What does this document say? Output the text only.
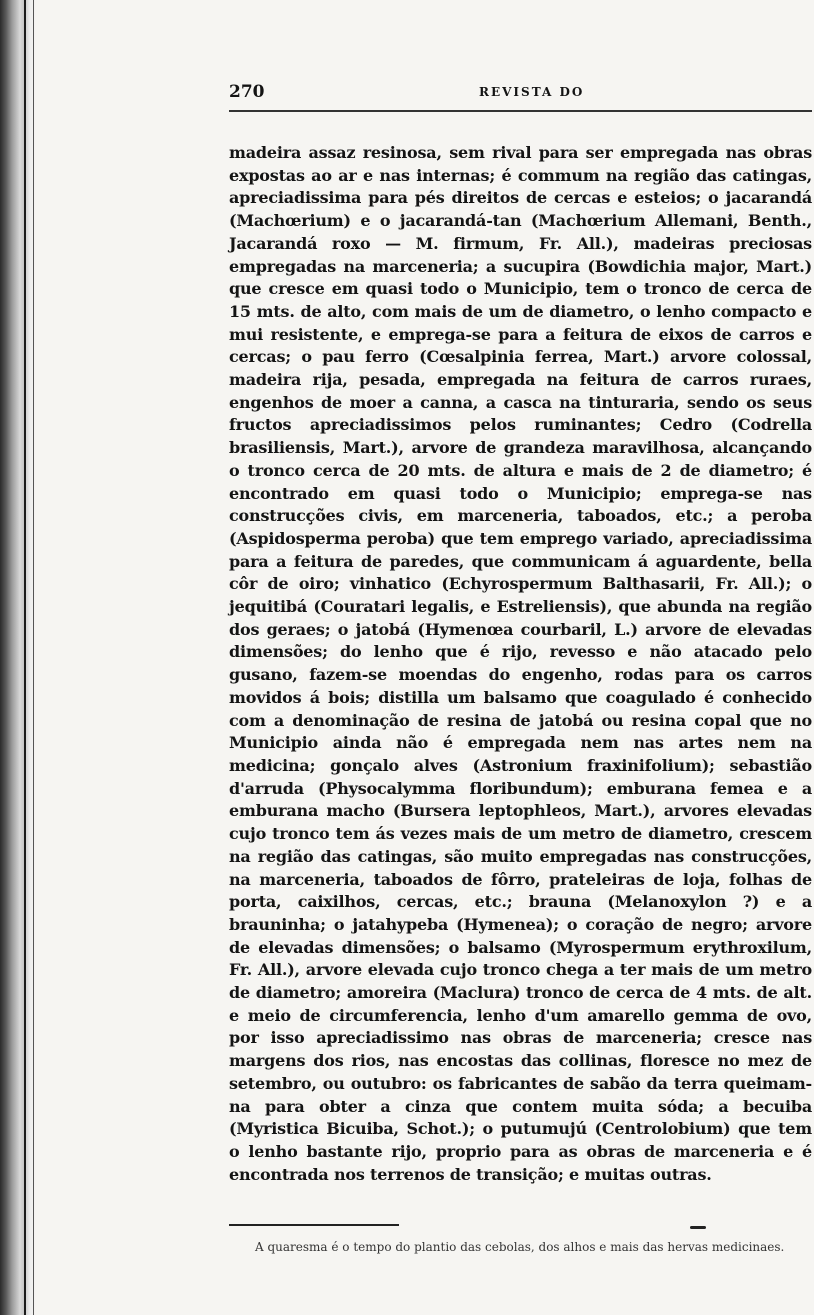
270	REVISTA DO
madeira assaz resinosa, sem rival para ser empregada nas obras expostas ao ar e nas internas; é commum na região das catingas, apreciadissima para pés direitos de cercas e esteios; o jacarandá (Machœrium) e o jacarandá-tan (Machœrium Allemani, Benth., Jacarandá roxo — M. firmum, Fr. All.), madeiras preciosas empregadas na marceneria; a sucupira (Bowdichia major, Mart.) que cresce em quasi todo o Municipio, tem o tronco de cerca de 15 mts. de alto, com mais de um de diametro, o lenho compacto e mui resistente, e emprega-se para a feitura de eixos de carros e cercas; o pau ferro (Cœsalpinia ferrea, Mart.) arvore colossal, madeira rija, pesada, empregada na feitura de carros ruraes, engenhos de moer a canna, a casca na tinturaria, sendo os seus fructos apreciadissimos pelos ruminantes; Cedro (Codrella brasiliensis, Mart.), arvore de grandeza maravilhosa, alcançando o tronco cerca de 20 mts. de altura e mais de 2 de diametro; é encontrado em quasi todo o Municipio; emprega-se nas construcções civis, em marceneria, taboados, etc.; a peroba (Aspidosperma peroba) que tem emprego variado, apreciadissima para a feitura de paredes, que communicam á aguardente, bella côr de oiro; vinhatico (Echyrospermum Balthasarii, Fr. All.); o jequitibá (Couratari legalis, e Estreliensis), que abunda na região dos geraes; o jatobá (Hymenœa courbaril, L.) arvore de elevadas dimensões; do lenho que é rijo, revesso e não atacado pelo gusano, fazem-se moendas do engenho, rodas para os carros movidos á bois; distilla um balsamo que coagulado é conhecido com a denominação de resina de jatobá ou resina copal que no Municipio ainda não é empregada nem nas artes nem na medicina; gonçalo alves (Astronium fraxinifolium); sebastião d'arruda (Physocalymma floribundum); emburana femea e a emburana macho (Bursera leptophleos, Mart.), arvores elevadas cujo tronco tem ás vezes mais de um metro de diametro, crescem na região das catingas, são muito empregadas nas construcções, na marceneria, taboados de fôrro, prateleiras de loja, folhas de porta, caixilhos, cercas, etc.; brauna (Melanoxylon ?) e a brauninha; o jatahypeba (Hymenea); o coração de negro; arvore de elevadas dimensões; o balsamo (Myrospermum erythroxilum, Fr. All.), arvore elevada cujo tronco chega a ter mais de um metro de diametro; amoreira (Maclura) tronco de cerca de 4 mts. de alt. e meio de circumferencia, lenho d'um amarello gemma de ovo, por isso apreciadissimo nas obras de marceneria; cresce nas margens dos rios, nas encostas das collinas, floresce no mez de setembro, ou outubro: os fabricantes de sabão da terra queimam-na para obter a cinza que contem muita sóda; a becuiba (Myristica Bicuiba, Schot.); o putumujú (Centrolobium) que tem o lenho bastante rijo, proprio para as obras de marceneria e é encontrada nos terrenos de transição; e muitas outras.
A quaresma é o tempo do plantio das cebolas, dos alhos e mais das hervas medicinaes.
